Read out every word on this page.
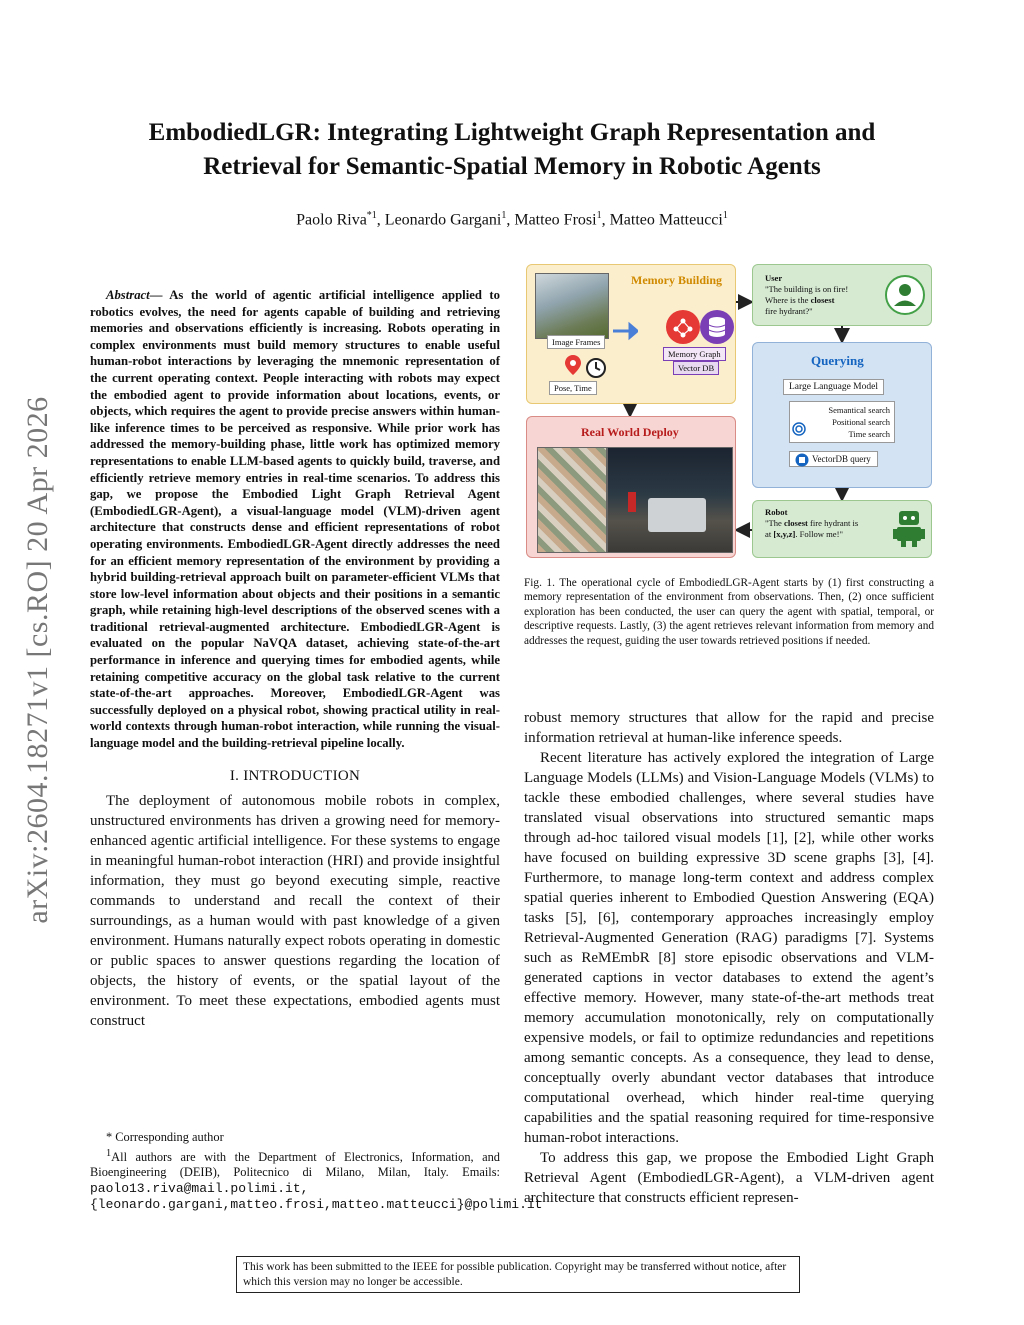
arXiv:2604.18271v1 [cs.RO] 20 Apr 2026
EmbodiedLGR: Integrating Lightweight Graph Representation and
Retrieval for Semantic-Spatial Memory in Robotic Agents
Paolo Riva$^{*1}$, Leonardo Gargani$^1$, Matteo Frosi$^1$, Matteo Matteucci$^1$

Abstract— As the world of agentic artificial intelligence applied to robotics evolves, the need for agents capable of building and retrieving memories and observations efficiently is increasing. Robots operating in complex environments must build memory structures to enable useful human-robot interactions by leveraging the mnemonic representation of the current operating context. People interacting with robots may expect the embodied agent to provide information about locations, events, or objects, which requires the agent to provide precise answers within human-like inference times to be perceived as responsive. While prior work has addressed the memory-building phase, little work has optimized memory representations to enable LLM-based agents to quickly build, traverse, and efficiently retrieve memory entries in real-time scenarios. To address this gap, we propose the Embodied Light Graph Retrieval Agent (EmbodiedLGR-Agent), a visual-language model (VLM)-driven agent architecture that constructs dense and efficient representations of robot operating environments. EmbodiedLGR-Agent directly addresses the need for an efficient memory representation of the environment by providing a hybrid building-retrieval approach built on parameter-efficient VLMs that store low-level information about objects and their positions in a semantic graph, while retaining high-level descriptions of the observed scenes with a traditional retrieval-augmented architecture. EmbodiedLGR-Agent is evaluated on the popular NaVQA dataset, achieving state-of-the-art performance in inference and querying times for embodied agents, while retaining competitive accuracy on the global task relative to the current state-of-the-art approaches. Moreover, EmbodiedLGR-Agent was successfully deployed on a physical robot, showing practical utility in real-world contexts through human-robot interaction, while running the visual-language model and the building-retrieval pipeline locally.

I. INTRODUCTION

The deployment of autonomous mobile robots in complex, unstructured environments has driven a growing need for memory-enhanced agentic artificial intelligence. For these systems to engage in meaningful human-robot interaction (HRI) and provide insightful information, they must go beyond executing simple, reactive commands to understand and recall the context of their surroundings, as a human would with past knowledge of a given environment. Humans naturally expect robots operating in domestic or public spaces to answer questions regarding the location of objects, the history of events, or the spatial layout of the environment. To meet these expectations, embodied agents must construct

* Corresponding author
$^1$All authors are with the Department of Electronics, Information, and Bioengineering (DEIB), Politecnico di Milano, Milan, Italy. Emails: paolo13.riva@mail.polimi.it, {leonardo.gargani,matteo.frosi,matteo.matteucci}@polimi.it
Memory Building
Image Frames
Pose, Time
Memory Graph
Vector DB
Real World Deploy
User
"The building is on fire!
Where is the closest
fire hydrant?"
Querying
Large Language Model
Semantical search
Positional search
Time search
VectorDB query
Robot
"The closest fire hydrant is
at [x,y,z]. Follow me!"
Fig. 1. The operational cycle of EmbodiedLGR-Agent starts by (1) first constructing a memory representation of the environment from observations. Then, (2) once sufficient exploration has been conducted, the user can query the agent with spatial, temporal, or descriptive requests. Lastly, (3) the agent retrieves relevant information from memory and addresses the request, guiding the user towards retrieved positions if needed.

robust memory structures that allow for the rapid and precise information retrieval at human-like inference speeds.

Recent literature has actively explored the integration of Large Language Models (LLMs) and Vision-Language Models (VLMs) to tackle these embodied challenges, where several studies have translated visual observations into structured semantic maps through ad-hoc tailored visual models [1], [2], while other works have focused on building expressive 3D scene graphs [3], [4]. Furthermore, to manage long-term context and address complex spatial queries inherent to Embodied Question Answering (EQA) tasks [5], [6], contemporary approaches increasingly employ Retrieval-Augmented Generation (RAG) paradigms [7]. Systems such as ReMEmbR [8] store episodic observations and VLM-generated captions in vector databases to extend the agent’s effective memory. However, many state-of-the-art methods treat memory accumulation monotonically, rely on computationally expensive models, or fail to optimize redundancies and repetitions among semantic concepts. As a consequence, they lead to dense, conceptually overly abundant vector databases that introduce computational overhead, which hinder real-time querying capabilities and the spatial reasoning required for time-responsive human-robot interactions.

To address this gap, we propose the Embodied Light Graph Retrieval Agent (EmbodiedLGR-Agent), a VLM-driven agent architecture that constructs efficient represen-

This work has been submitted to the IEEE for possible publication. Copyright may be transferred without notice, after which this version may no longer be accessible.
